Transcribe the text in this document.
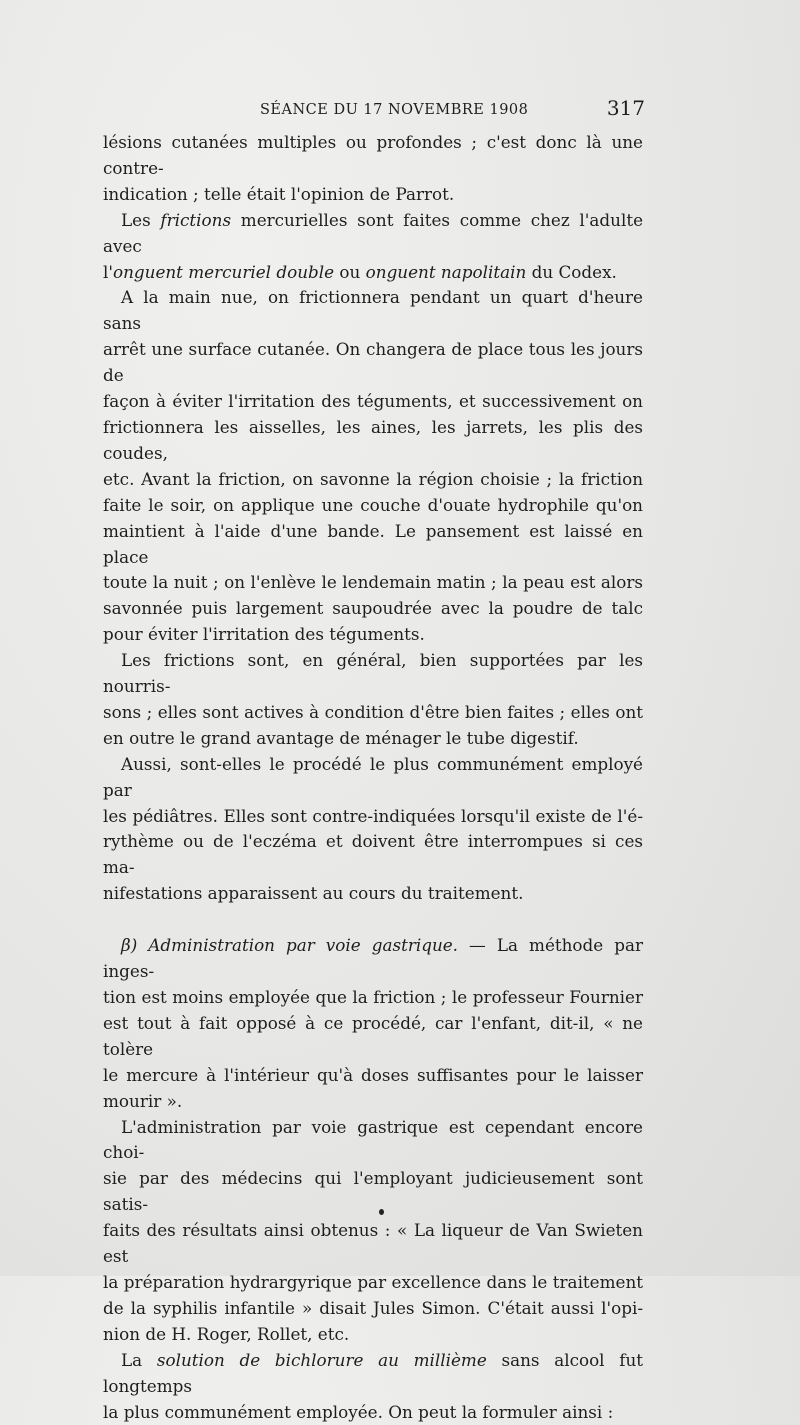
SÉANCE DU 17 NOVEMBRE 1908	317

lésions cutanées multiples ou profondes ; c'est donc là une contre-

indication ; telle était l'opinion de Parrot.

Les frictions mercurielles sont faites comme chez l'adulte avec

l'onguent mercuriel double ou onguent napolitain du Codex.

A la main nue, on frictionnera pendant un quart d'heure sans

arrêt une surface cutanée. On changera de place tous les jours de

façon à éviter l'irritation des téguments, et successivement on

frictionnera les aisselles, les aines, les jarrets, les plis des coudes,

etc. Avant la friction, on savonne la région choisie ; la friction

faite le soir, on applique une couche d'ouate hydrophile qu'on

maintient à l'aide d'une bande. Le pansement est laissé en place

toute la nuit ; on l'enlève le lendemain matin ; la peau est alors

savonnée puis largement saupoudrée avec la poudre de talc

pour éviter l'irritation des téguments.

Les frictions sont, en général, bien supportées par les nourris-

sons ; elles sont actives à condition d'être bien faites ; elles ont

en outre le grand avantage de ménager le tube digestif.

Aussi, sont-elles le procédé le plus communément employé par

les pédiâtres. Elles sont contre-indiquées lorsqu'il existe de l'é-

rythème ou de l'eczéma et doivent être interrompues si ces ma-

nifestations apparaissent au cours du traitement.

β) Administration par voie gastrique. — La méthode par inges-

tion est moins employée que la friction ; le professeur Fournier

est tout à fait opposé à ce procédé, car l'enfant, dit-il, « ne tolère

le mercure à l'intérieur qu'à doses suffisantes pour le laisser

mourir ».

L'administration par voie gastrique est cependant encore choi-

sie par des médecins qui l'employant judicieusement sont satis-

faits des résultats ainsi obtenus : « La liqueur de Van Swieten est

la préparation hydrargyrique par excellence dans le traitement

de la syphilis infantile » disait Jules Simon. C'était aussi l'opi-

nion de H. Roger, Rollet, etc.

La solution de bichlorure au millième sans alcool fut longtemps

la plus communément employée. On peut la formuler ainsi :
